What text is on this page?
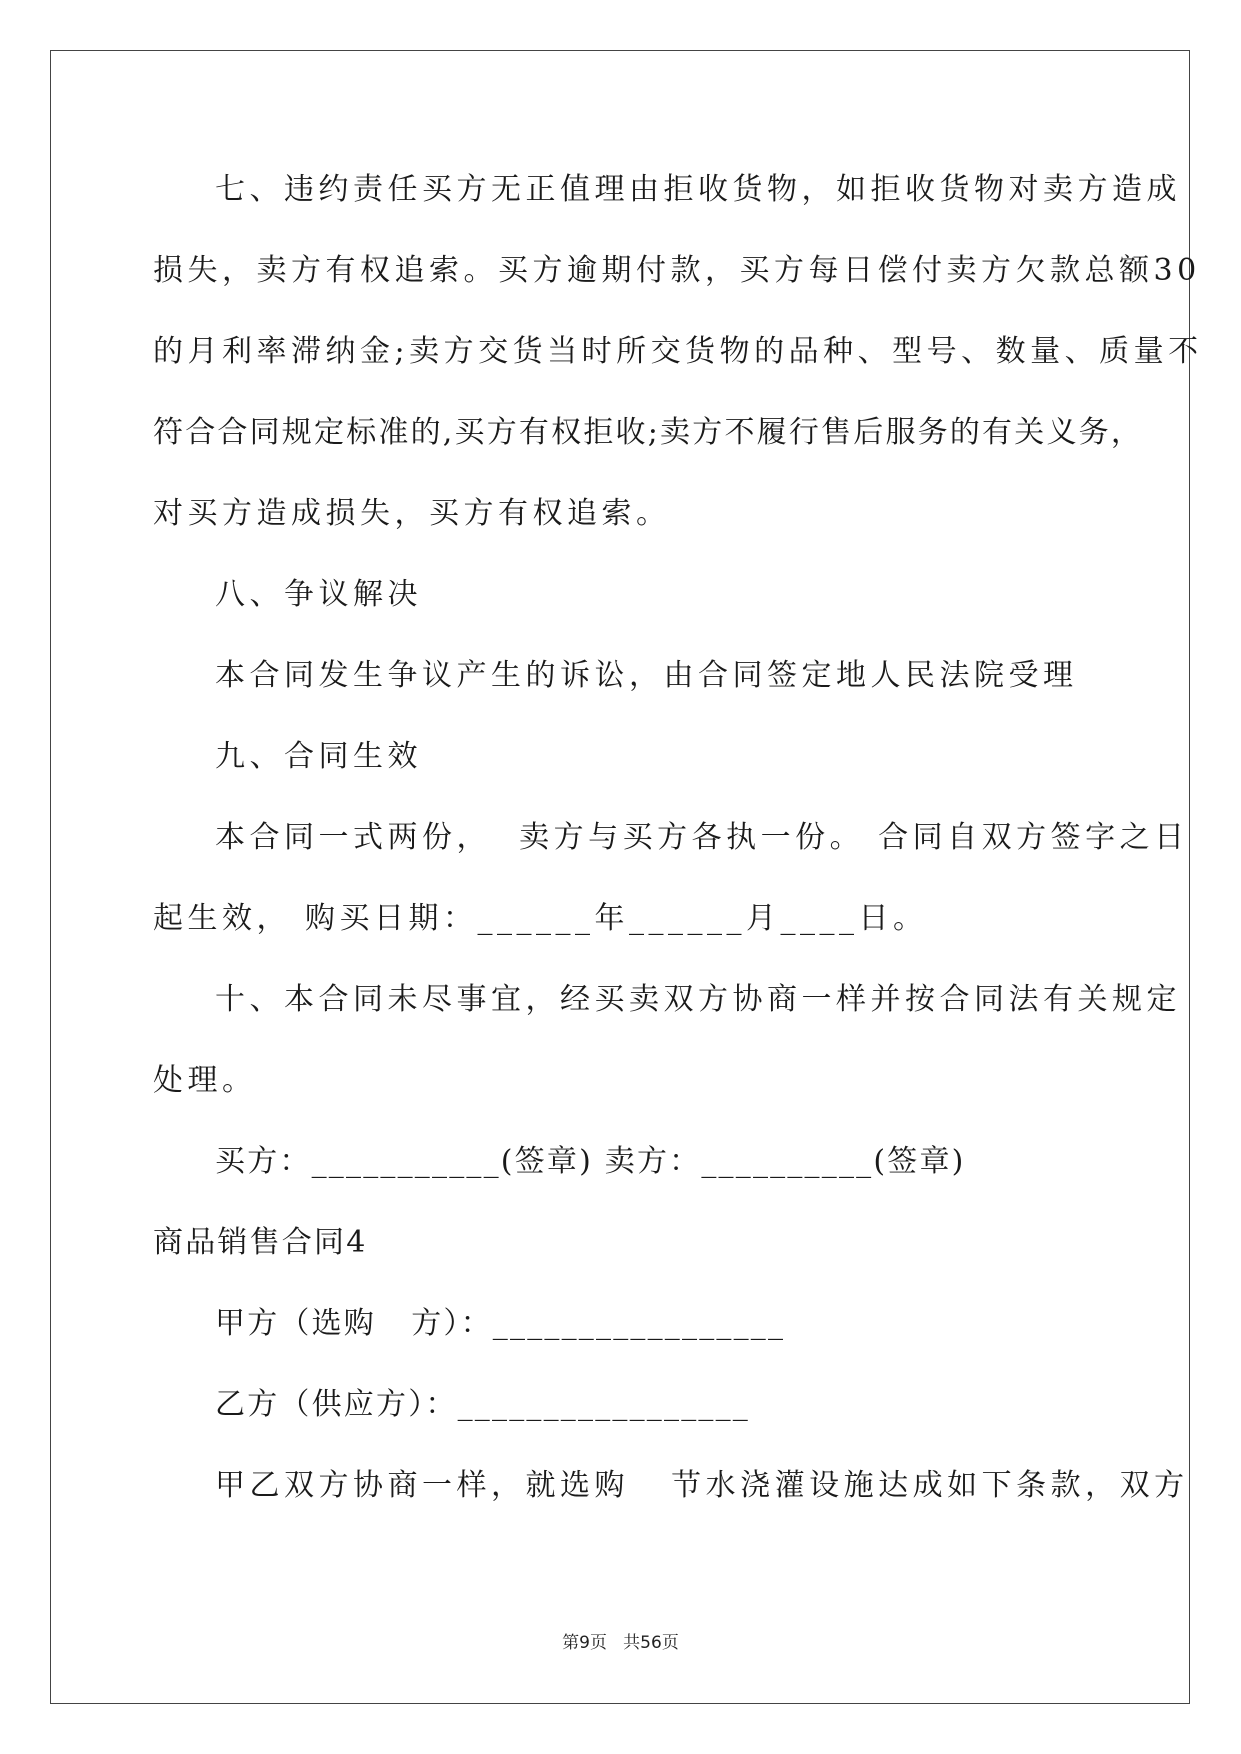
七、违约责任买方无正值理由拒收货物，如拒收货物对卖方造成
损失，卖方有权追索。买方逾期付款，买方每日偿付卖方欠款总额30
的月利率滞纳金;卖方交货当时所交货物的品种、型号、数量、质量不
符合合同规定标准的,买方有权拒收;卖方不履行售后服务的有关义务，
对买方造成损失，买方有权追索。
八、争议解决
本合同发生争议产生的诉讼，由合同签定地人民法院受理
九、合同生效
本合同一式两份，  卖方与买方各执一份。 合同自双方签字之日
起生效， 购买日期：______年______月____日。
十、本合同未尽事宜，经买卖双方协商一样并按合同法有关规定
处理。
买方：___________(签章) 卖方：__________(签章)
商品销售合同4
甲方（选购   方）：_________________
乙方（供应方）：_________________
甲乙双方协商一样，就选购   节水浇灌设施达成如下条款，双方
第9页   共56页
